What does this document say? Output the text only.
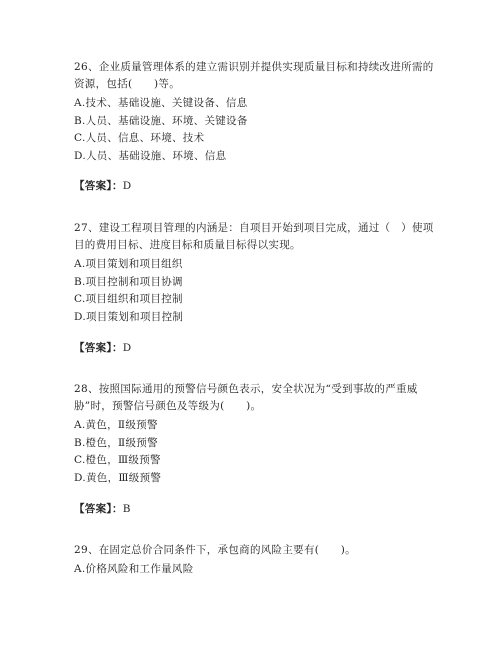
26、企业质量管理体系的建立需识别并提供实现质量目标和持续改进所需的资源，包括(　　)等。

A.技术、基础设施、关键设备、信息

B.人员、基础设施、环境、关键设备

C.人员、信息、环境、技术

D.人员、基础设施、环境、信息

【答案】：D

27、建设工程项目管理的内涵是：自项目开始到项目完成，通过（　）使项目的费用目标、进度目标和质量目标得以实现。

A.项目策划和项目组织

B.项目控制和项目协调

C.项目组织和项目控制

D.项目策划和项目控制

【答案】：D

28、按照国际通用的预警信号颜色表示，安全状况为“受到事故的严重威胁”时，预警信号颜色及等级为(　　)。

A.黄色，Ⅱ级预警

B.橙色，Ⅱ级预警

C.橙色，Ⅲ级预警

D.黄色，Ⅲ级预警

【答案】：B

29、在固定总价合同条件下，承包商的风险主要有(　　)。

A.价格风险和工作量风险
